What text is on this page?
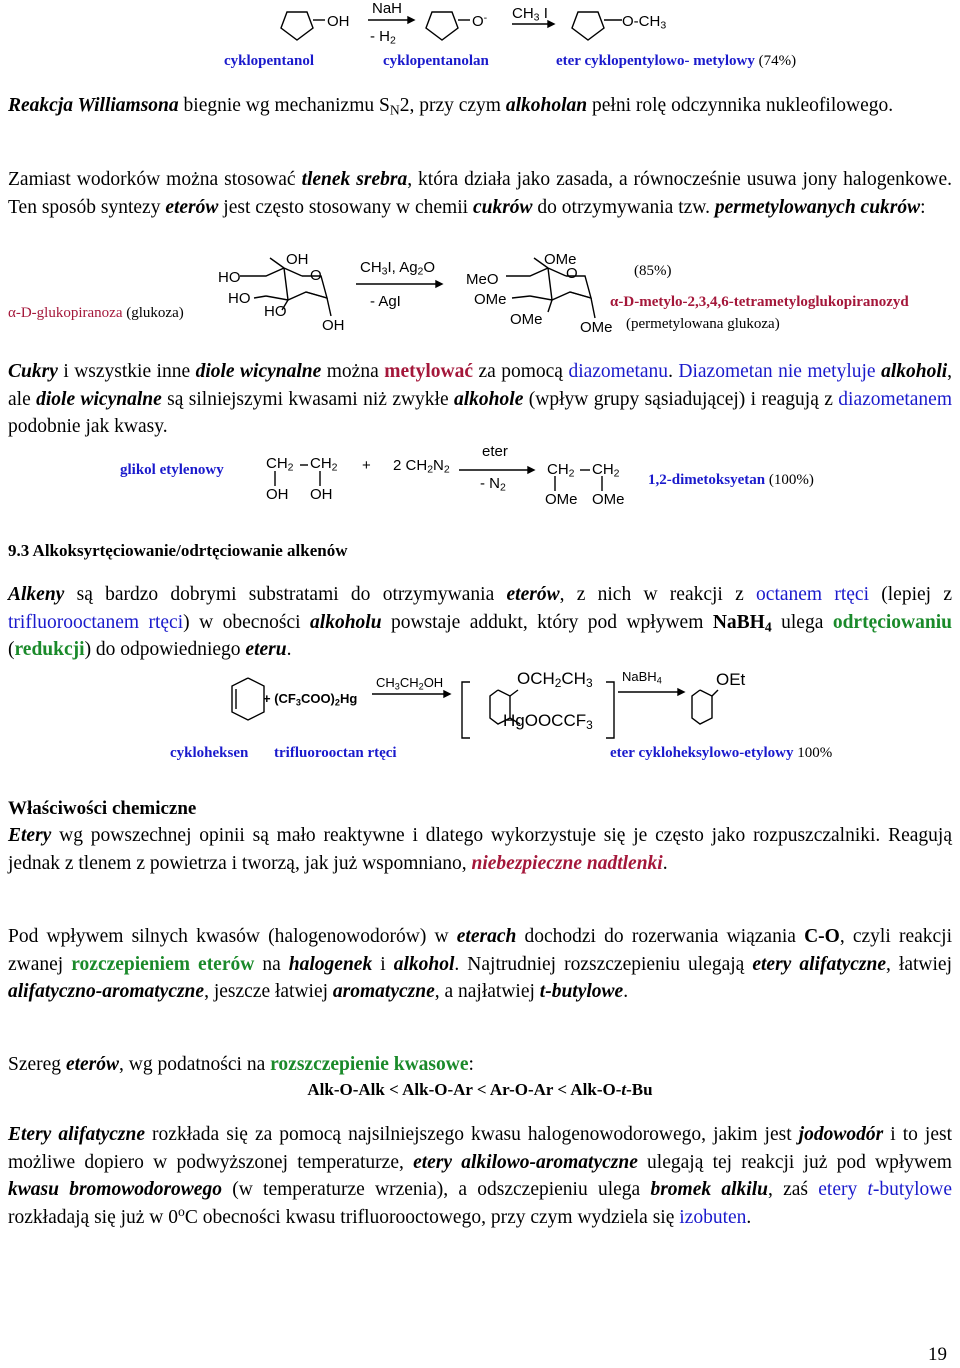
OH
NaH
- $H_2$
O- $CH_3$ I	$O-CH_3$
cyklopentanol	cyklopentanolan	eter cyklopentylowo- metylowy (74%)

Reakcja Williamsona biegnie wg mechanizmu $S_N2$, przy czym alkoholan pełni rolę odczynnika nukleofilowego.

Zamiast wodorków można stosować tlenek srebra, która działa jako zasada, a równocześnie usuwa jony halogenkowe. Ten sposób syntezy eterów jest często stosowany w chemii cukrów do otrzymywania tzw. permetylowanych cukrów:

α-D-glukopiranoza (glukoza)
OH
HO	O
HO
HO
OH
$CH_3I$, $Ag_2O$
- AgI
OMe
MeO	O
OMe
OMe OMe
(85%)
α-D-metylo-2,3,4,6-tetrametyloglukopiranozyd
(permetylowana glukoza)

Cukry i wszystkie inne diole wicynalne można metylować za pomocą diazometanu. Diazometan nie metyluje alkoholi, ale diole wicynalne są silniejszymi kwasami niż zwykłe alkohole (wpływ grupy sąsiadującej) i reagują z diazometanem podobnie jak kwasy.

glikol etylenowy	$CH_2$ $CH_2$
OH OH
+ 2 $CH_2N_2$
eter
- $N_2$
$CH_2$ $CH_2$
OMe OMe
1,2-dimetoksyetan (100%)

9.3 Alkoksyrtęciowanie/odrtęciowanie alkenów

Alkeny są bardzo dobrymi substratami do otrzymywania eterów, z nich w reakcji z octanem rtęci (lepiej z trifluorooctanem rtęci) w obecności alkoholu powstaje addukt, który pod wpływem NaBH$_4$ ulega odrtęciowaniu (redukcji) do odpowiedniego eteru.

+ $(CF_3COO)_2Hg$
$CH_3CH_2OH$	$OCH_2CH_3$
HgOOCCF$_3$
NaBH$_4$	OEt
cykloheksen trifluorooctan rtęci	eter cykloheksylowo-etylowy 100%

Właściwości chemiczne

Etery wg powszechnej opinii są mało reaktywne i dlatego wykorzystuje się je często jako rozpuszczalniki. Reagują jednak z tlenem z powietrza i tworzą, jak już wspomniano, niebezpieczne nadtlenki.

Pod wpływem silnych kwasów (halogenowodorów) w eterach dochodzi do rozerwania wiązania C-O, czyli reakcji zwanej rozczepieniem eterów na halogenek i alkohol. Najtrudniej rozszczepieniu ulegają etery alifatyczne, łatwiej alifatyczno-aromatyczne, jeszcze łatwiej aromatyczne, a najłatwiej t-butylowe.

Szereg eterów, wg podatności na rozszczepienie kwasowe:

Alk-O-Alk < Alk-O-Ar < Ar-O-Ar < Alk-O-t-Bu

Etery alifatyczne rozkłada się za pomocą najsilniejszego kwasu halogenowodorowego, jakim jest jodowodór i to jest możliwe dopiero w podwyższonej temperaturze, etery alkilowo-aromatyczne ulegają tej reakcji już pod wpływem kwasu bromowodorowego (w temperaturze wrzenia), a odszczepieniu ulega bromek alkilu, zaś etery t-butylowe rozkładają się już w 0$^o$C obecności kwasu trifluorooctowego, przy czym wydziela się izobuten.

19
